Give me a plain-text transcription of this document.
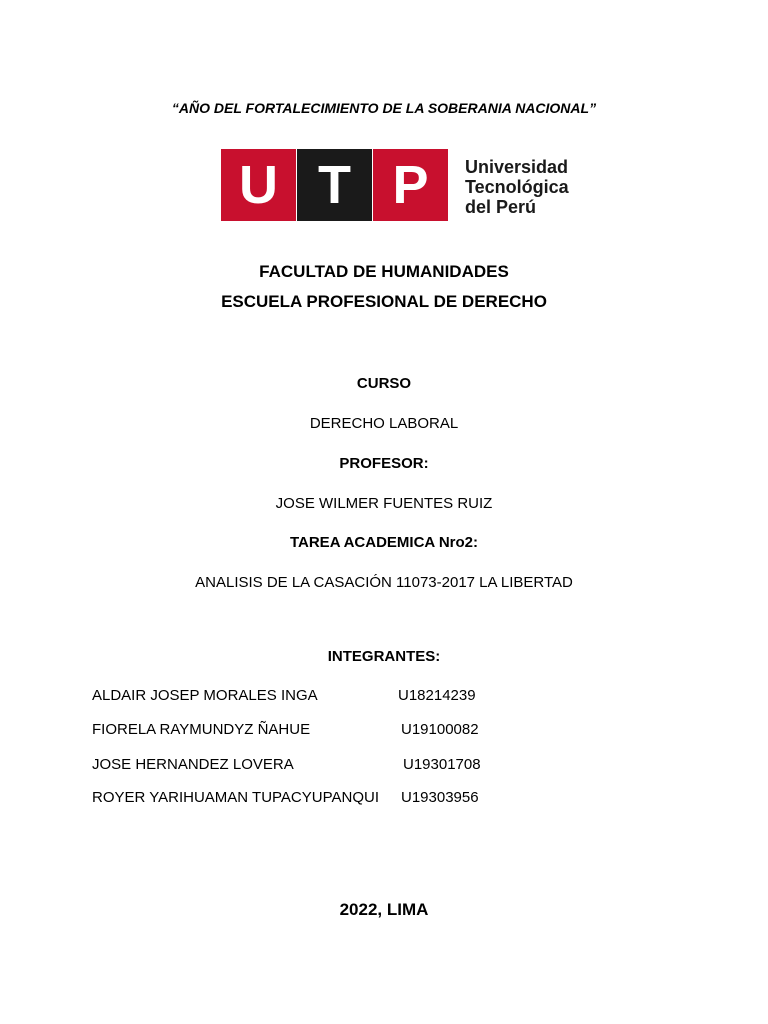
“AÑO DEL FORTALECIMIENTO DE LA SOBERANIA NACIONAL”
U T P	Universidad
Tecnológica
del Perú
FACULTAD DE HUMANIDADES
ESCUELA PROFESIONAL DE DERECHO
CURSO
DERECHO LABORAL
PROFESOR:
JOSE WILMER FUENTES RUIZ
TAREA ACADEMICA Nro2:
ANALISIS DE LA CASACIÓN 11073-2017 LA LIBERTAD
INTEGRANTES:
ALDAIR JOSEP MORALES INGA	U18214239
FIORELA RAYMUNDYZ ÑAHUE	U19100082
JOSE HERNANDEZ LOVERA	U19301708
ROYER YARIHUAMAN TUPACYUPANQUI U19303956
2022, LIMA
